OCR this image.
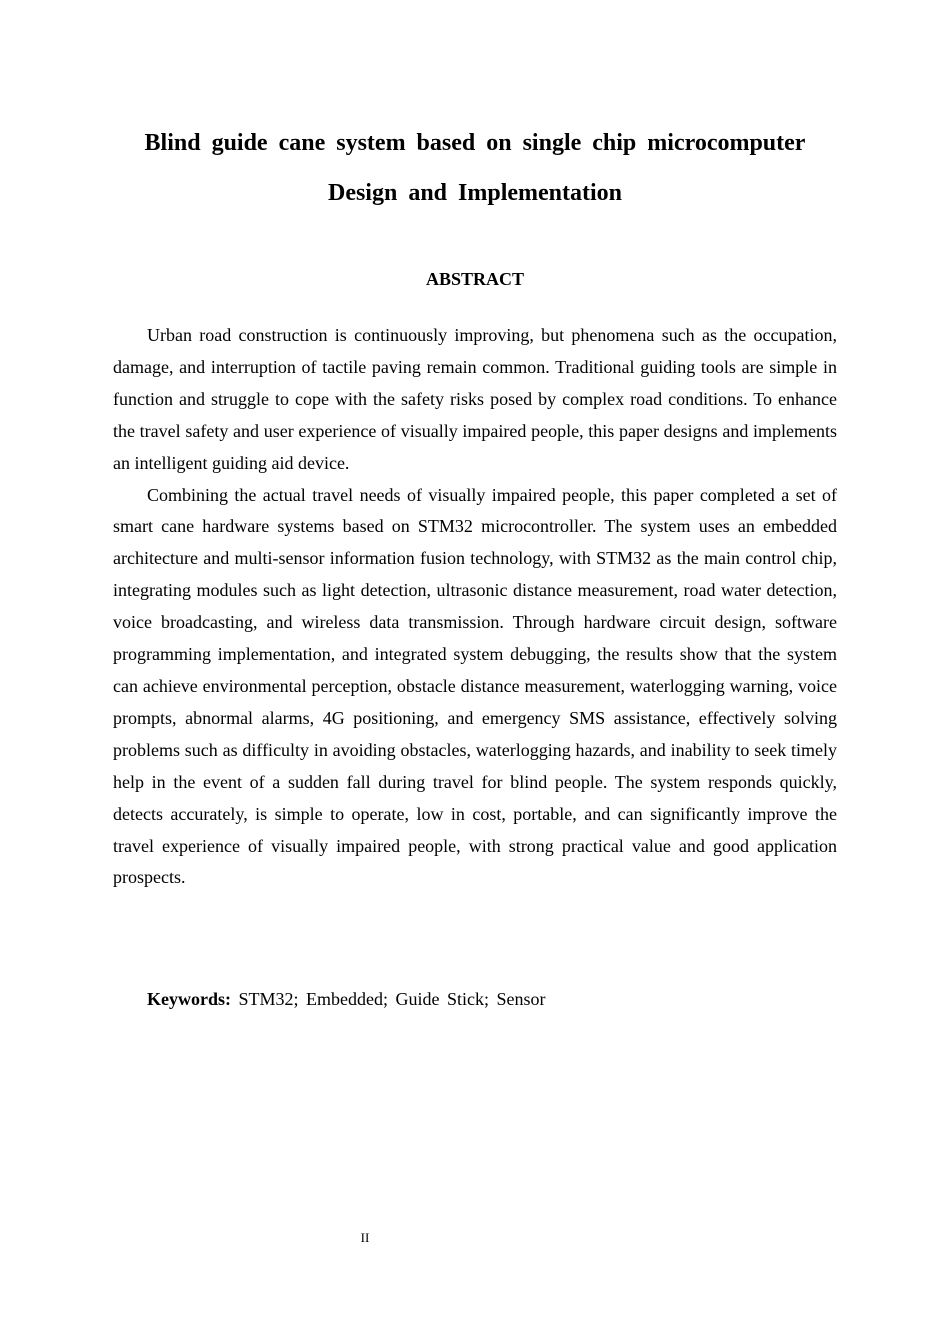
Blind guide cane system based on single chip microcomputer
Design and Implementation
ABSTRACT

Urban road construction is continuously improving, but phenomena such as the occupation, damage, and interruption of tactile paving remain common. Traditional guiding tools are simple in function and struggle to cope with the safety risks posed by complex road conditions. To enhance the travel safety and user experience of visually impaired people, this paper designs and implements an intelligent guiding aid device.

Combining the actual travel needs of visually impaired people, this paper completed a set of smart cane hardware systems based on STM32 microcontroller. The system uses an embedded architecture and multi-sensor information fusion technology, with STM32 as the main control chip, integrating modules such as light detection, ultrasonic distance measurement, road water detection, voice broadcasting, and wireless data transmission. Through hardware circuit design, software programming implementation, and integrated system debugging, the results show that the system can achieve environmental perception, obstacle distance measurement, waterlogging warning, voice prompts, abnormal alarms, 4G positioning, and emergency SMS assistance, effectively solving problems such as difficulty in avoiding obstacles, waterlogging hazards, and inability to seek timely help in the event of a sudden fall during travel for blind people. The system responds quickly, detects accurately, is simple to operate, low in cost, portable, and can significantly improve the travel experience of visually impaired people, with strong practical value and good application prospects.

Keywords: STM32; Embedded; Guide Stick; Sensor
II
